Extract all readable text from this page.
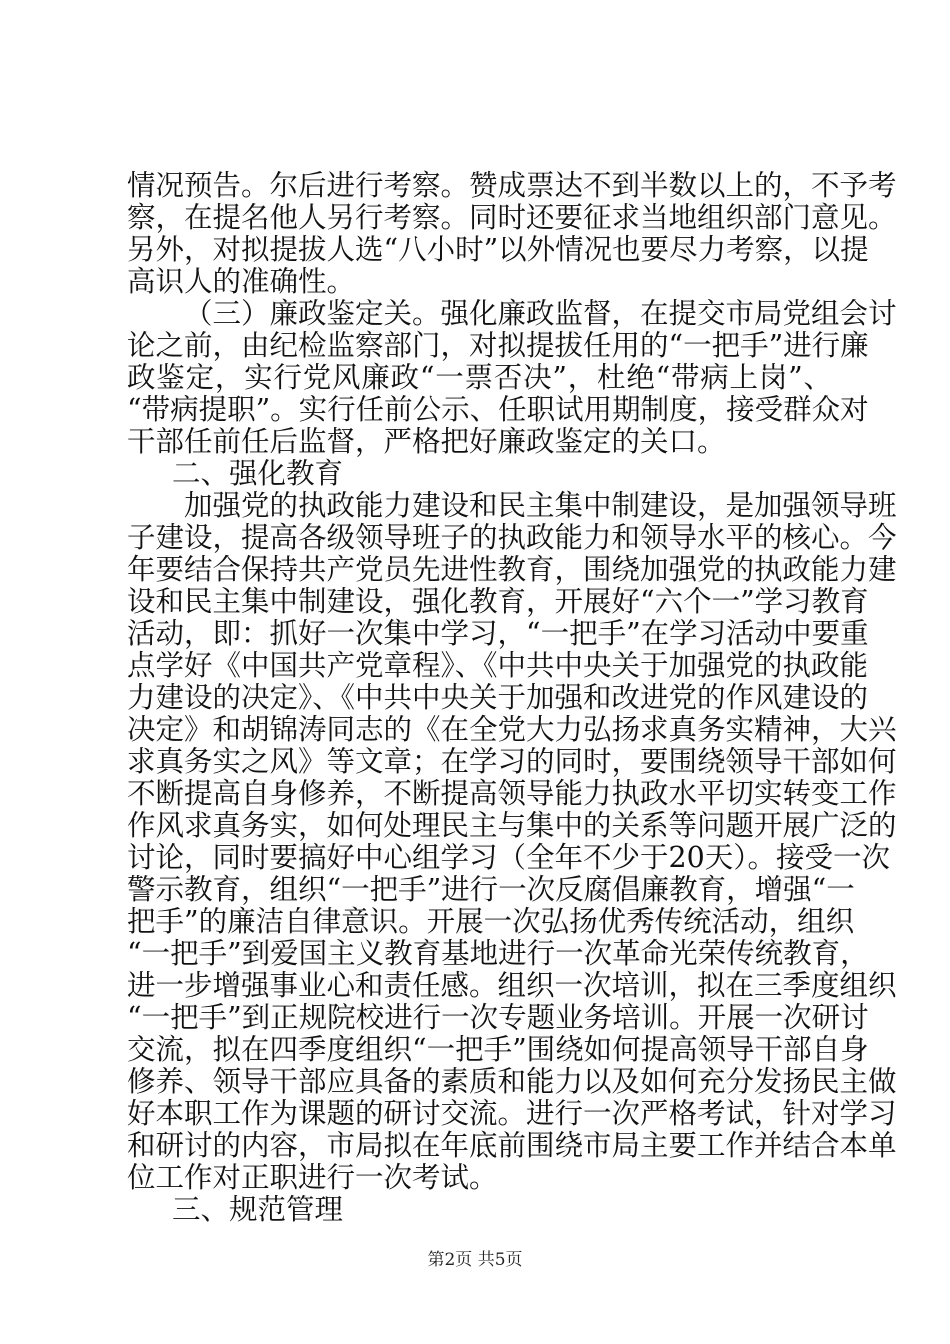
情况预告。尔后进行考察。赞成票达不到半数以上的，不予考
察，在提名他人另行考察。同时还要征求当地组织部门意见。
另外，对拟提拔人选“八小时”以外情况也要尽力考察，以提
高识人的准确性。
（三）廉政鉴定关。强化廉政监督，在提交市局党组会讨
论之前，由纪检监察部门，对拟提拔任用的“一把手”进行廉
政鉴定，实行党风廉政“一票否决”，杜绝“带病上岗”、
“带病提职”。实行任前公示、任职试用期制度，接受群众对
干部任前任后监督，严格把好廉政鉴定的关口。
二、强化教育
加强党的执政能力建设和民主集中制建设，是加强领导班
子建设，提高各级领导班子的执政能力和领导水平的核心。今
年要结合保持共产党员先进性教育，围绕加强党的执政能力建
设和民主集中制建设，强化教育，开展好“六个一”学习教育
活动，即：抓好一次集中学习，“一把手”在学习活动中要重
点学好《中国共产党章程》、《中共中央关于加强党的执政能
力建设的决定》、《中共中央关于加强和改进党的作风建设的
决定》和胡锦涛同志的《在全党大力弘扬求真务实精神，大兴
求真务实之风》等文章；在学习的同时，要围绕领导干部如何
不断提高自身修养，不断提高领导能力执政水平切实转变工作
作风求真务实，如何处理民主与集中的关系等问题开展广泛的
讨论，同时要搞好中心组学习（全年不少于20天）。接受一次
警示教育，组织“一把手”进行一次反腐倡廉教育，增强“一
把手”的廉洁自律意识。开展一次弘扬优秀传统活动，组织
“一把手”到爱国主义教育基地进行一次革命光荣传统教育，
进一步增强事业心和责任感。组织一次培训，拟在三季度组织
“一把手”到正规院校进行一次专题业务培训。开展一次研讨
交流，拟在四季度组织“一把手”围绕如何提高领导干部自身
修养、领导干部应具备的素质和能力以及如何充分发扬民主做
好本职工作为课题的研讨交流。进行一次严格考试，针对学习
和研讨的内容，市局拟在年底前围绕市局主要工作并结合本单
位工作对正职进行一次考试。
三、规范管理
第2页 共5页
